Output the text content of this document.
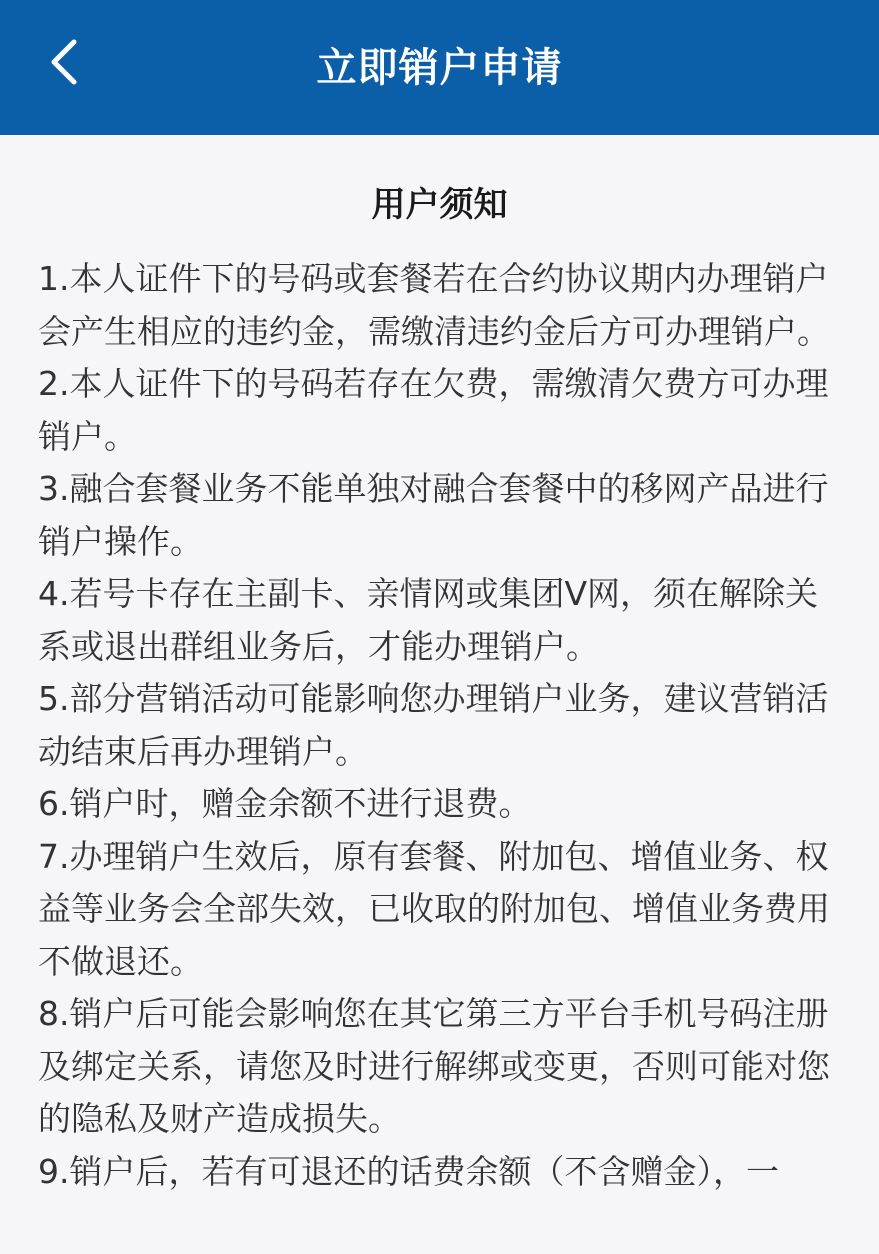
立即销户申请
用户须知
1.本人证件下的号码或套餐若在合约协议期内办理销户会产生相应的违约金，需缴清违约金后方可办理销户。
2.本人证件下的号码若存在欠费，需缴清欠费方可办理销户。
3.融合套餐业务不能单独对融合套餐中的移网产品进行销户操作。
4.若号卡存在主副卡、亲情网或集团V网，须在解除关系或退出群组业务后，才能办理销户。
5.部分营销活动可能影响您办理销户业务，建议营销活动结束后再办理销户。
6.销户时，赠金余额不进行退费。
7.办理销户生效后，原有套餐、附加包、增值业务、权益等业务会全部失效，已收取的附加包、增值业务费用不做退还。
8.销户后可能会影响您在其它第三方平台手机号码注册及绑定关系，请您及时进行解绑或变更，否则可能对您的隐私及财产造成损失。
9.销户后，若有可退还的话费余额（不含赠金），一
